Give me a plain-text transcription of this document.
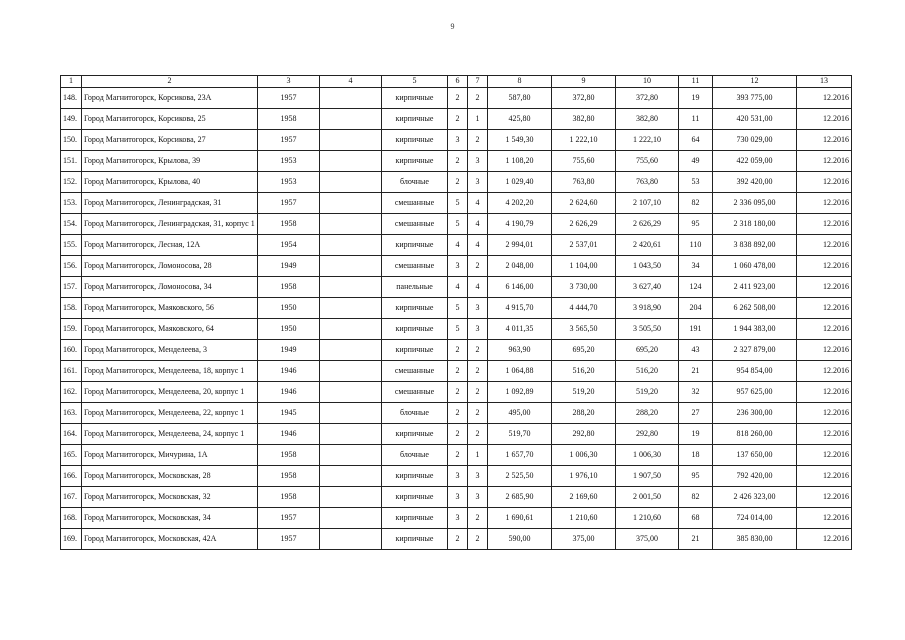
9
1	2	3	4	5	6	7	8	9	10	11	12	13
148.	Город Магнитогорск, Корсикова, 23А	1957		кирпичные	2	2	587,80	372,80	372,80	19	393 775,00	12.2016
149.	Город Магнитогорск, Корсикова, 25	1958		кирпичные	2	1	425,80	382,80	382,80	11	420 531,00	12.2016
150.	Город Магнитогорск, Корсикова, 27	1957		кирпичные	3	2	1 549,30	1 222,10	1 222,10	64	730 029,00	12.2016
151.	Город Магнитогорск, Крылова, 39	1953		кирпичные	2	3	1 108,20	755,60	755,60	49	422 059,00	12.2016
152.	Город Магнитогорск, Крылова, 40	1953		блочные	2	3	1 029,40	763,80	763,80	53	392 420,00	12.2016
153.	Город Магнитогорск, Ленинградская, 31	1957		смешанные	5	4	4 202,20	2 624,60	2 107,10	82	2 336 095,00	12.2016
154.	Город Магнитогорск, Ленинградская, 31, корпус 1	1958		смешанные	5	4	4 190,79	2 626,29	2 626,29	95	2 318 180,00	12.2016
155.	Город Магнитогорск, Лесная, 12А	1954		кирпичные	4	4	2 994,01	2 537,01	2 420,61	110	3 838 892,00	12.2016
156.	Город Магнитогорск, Ломоносова, 28	1949		смешанные	3	2	2 048,00	1 104,00	1 043,50	34	1 060 478,00	12.2016
157.	Город Магнитогорск, Ломоносова, 34	1958		панельные	4	4	6 146,00	3 730,00	3 627,40	124	2 411 923,00	12.2016
158.	Город Магнитогорск, Маяковского, 56	1950		кирпичные	5	3	4 915,70	4 444,70	3 918,90	204	6 262 508,00	12.2016
159.	Город Магнитогорск, Маяковского, 64	1950		кирпичные	5	3	4 011,35	3 565,50	3 505,50	191	1 944 383,00	12.2016
160.	Город Магнитогорск, Менделеева, 3	1949		кирпичные	2	2	963,90	695,20	695,20	43	2 327 879,00	12.2016
161.	Город Магнитогорск, Менделеева, 18, корпус 1	1946		смешанные	2	2	1 064,88	516,20	516,20	21	954 854,00	12.2016
162.	Город Магнитогорск, Менделеева, 20, корпус 1	1946		смешанные	2	2	1 092,89	519,20	519,20	32	957 625,00	12.2016
163.	Город Магнитогорск, Менделеева, 22, корпус 1	1945		блочные	2	2	495,00	288,20	288,20	27	236 300,00	12.2016
164.	Город Магнитогорск, Менделеева, 24, корпус 1	1946		кирпичные	2	2	519,70	292,80	292,80	19	818 260,00	12.2016
165.	Город Магнитогорск, Мичурина, 1А	1958		блочные	2	1	1 657,70	1 006,30	1 006,30	18	137 650,00	12.2016
166.	Город Магнитогорск, Московская, 28	1958		кирпичные	3	3	2 525,50	1 976,10	1 907,50	95	792 420,00	12.2016
167.	Город Магнитогорск, Московская, 32	1958		кирпичные	3	3	2 685,90	2 169,60	2 001,50	82	2 426 323,00	12.2016
168.	Город Магнитогорск, Московская, 34	1957		кирпичные	3	2	1 690,61	1 210,60	1 210,60	68	724 014,00	12.2016
169.	Город Магнитогорск, Московская, 42А	1957		кирпичные	2	2	590,00	375,00	375,00	21	385 830,00	12.2016
